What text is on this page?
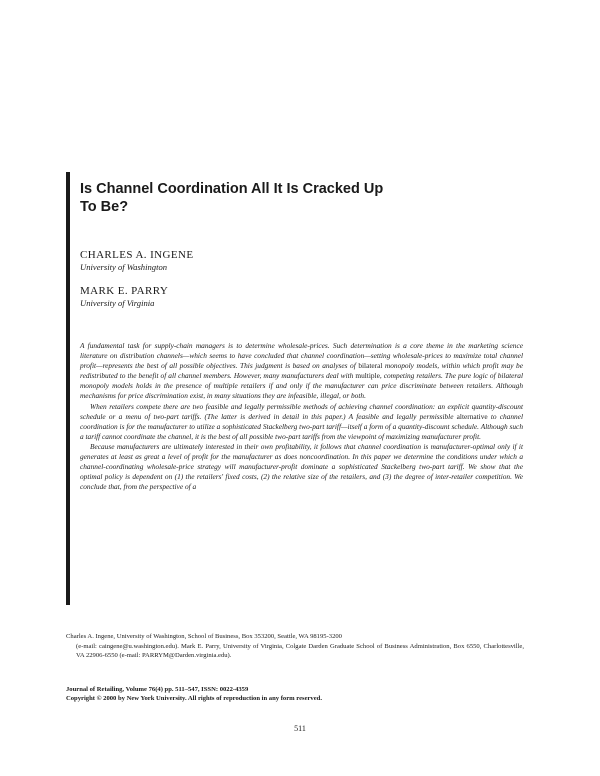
Is Channel Coordination All It Is Cracked Up
To Be?
CHARLES A. INGENE
University of Washington
MARK E. PARRY
University of Virginia

A fundamental task for supply-chain managers is to determine wholesale-prices. Such determination is a core theme in the marketing science literature on distribution channels—which seems to have concluded that channel coordination—setting wholesale-prices to maximize total channel profit—represents the best of all possible objectives. This judgment is based on analyses of bilateral monopoly models, within which profit may be redistributed to the benefit of all channel members. However, many manufacturers deal with multiple, competing retailers. The pure logic of bilateral monopoly models holds in the presence of multiple retailers if and only if the manufacturer can price discriminate between retailers. Although mechanisms for price discrimination exist, in many situations they are infeasible, illegal, or both.

When retailers compete there are two feasible and legally permissible methods of achieving channel coordination: an explicit quantity-discount schedule or a menu of two-part tariffs. (The latter is derived in detail in this paper.) A feasible and legally permissible alternative to channel coordination is for the manufacturer to utilize a sophisticated Stackelberg two-part tariff—itself a form of a quantity-discount schedule. Although such a tariff cannot coordinate the channel, it is the best of all possible two-part tariffs from the viewpoint of maximizing manufacturer profit.

Because manufacturers are ultimately interested in their own profitability, it follows that channel coordination is manufacturer-optimal only if it generates at least as great a level of profit for the manufacturer as does noncoordination. In this paper we determine the conditions under which a channel-coordinating wholesale-price strategy will manufacturer-profit dominate a sophisticated Stackelberg two-part tariff. We show that the optimal policy is dependent on (1) the retailers' fixed costs, (2) the relative size of the retailers, and (3) the degree of inter-retailer competition. We conclude that, from the perspective of a

Charles A. Ingene, University of Washington, School of Business, Box 353200, Seattle, WA 98195-3200
(e-mail: caingene@u.washington.edu). Mark E. Parry, University of Virginia, Colgate Darden Graduate School of Business Administration, Box 6550, Charlottesville, VA 22906-6550 (e-mail: PARRYM@Darden.virginia.edu).
Journal of Retailing, Volume 76(4) pp. 511–547, ISSN: 0022-4359
Copyright © 2000 by New York University. All rights of reproduction in any form reserved.
511
